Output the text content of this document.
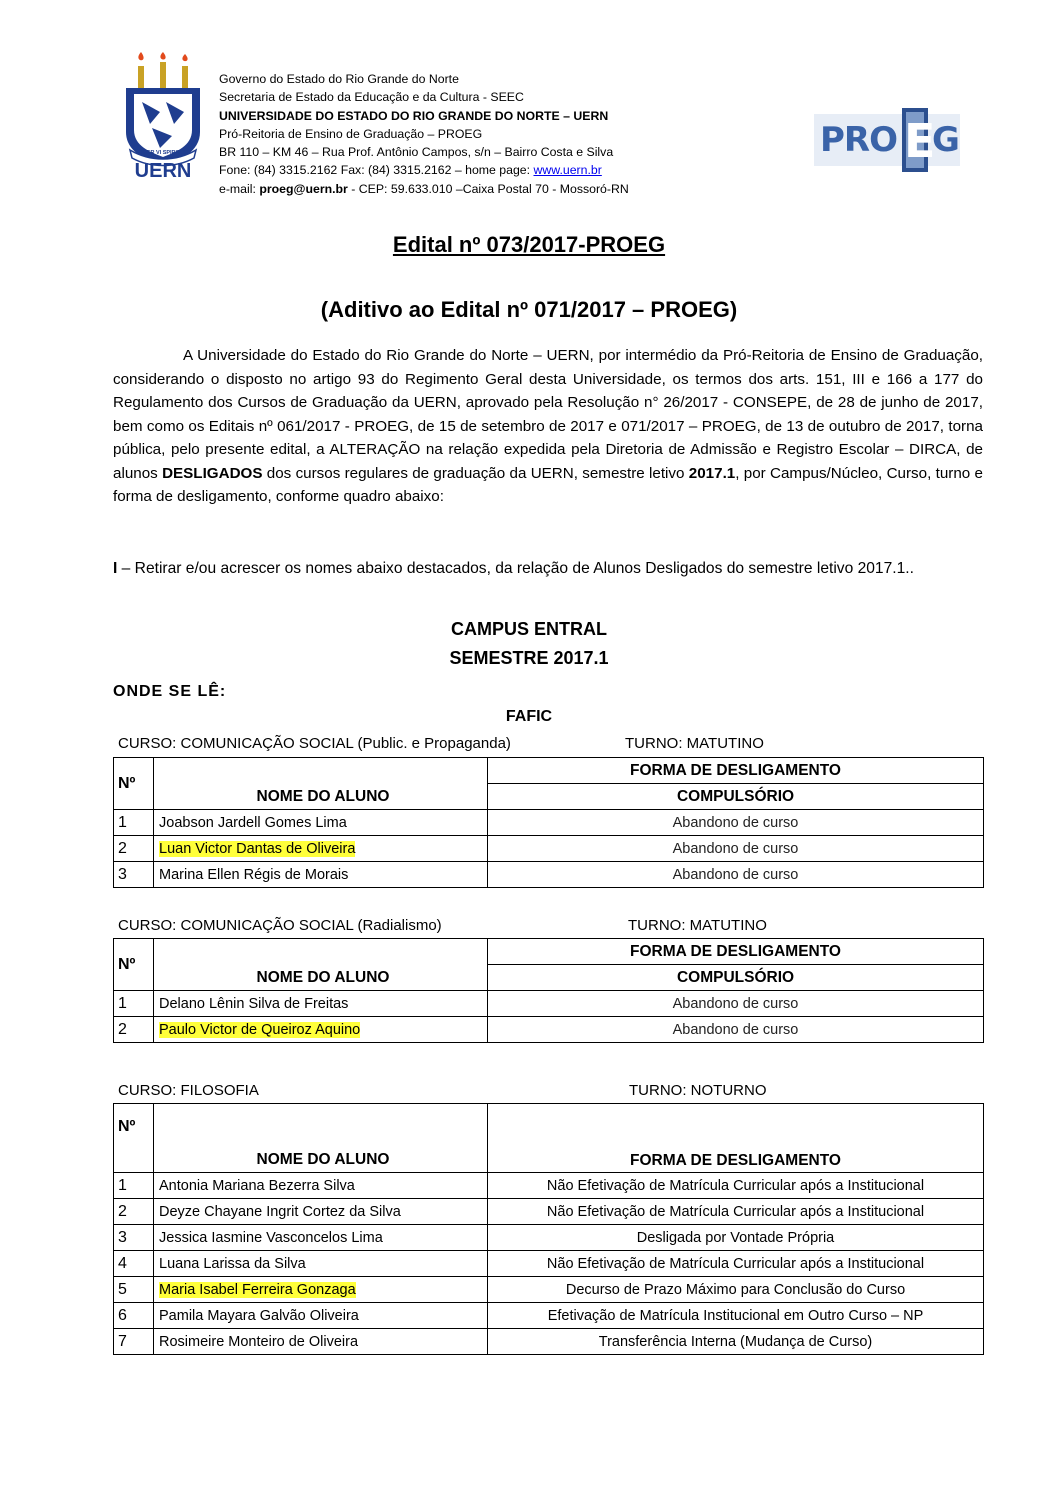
LIBER VI SPIRITUS
UERN
Governo do Estado do Rio Grande do Norte
Secretaria de Estado da Educação e da Cultura - SEEC
UNIVERSIDADE DO ESTADO DO RIO GRANDE DO NORTE – UERN
Pró-Reitoria de Ensino de Graduação – PROEG
BR 110 – KM 46 – Rua Prof. Antônio Campos, s/n – Bairro Costa e Silva
Fone: (84) 3315.2162 Fax: (84) 3315.2162 – home page: www.uern.br
e-mail: proeg@uern.br - CEP: 59.633.010 –Caixa Postal 70 - Mossoró-RN
PRO E
G
Edital nº 073/2017-PROEG
(Aditivo ao Edital nº 071/2017 – PROEG)
A Universidade do Estado do Rio Grande do Norte – UERN, por intermédio da Pró-Reitoria de Ensino de Graduação, considerando o disposto no artigo 93 do Regimento Geral desta Universidade, os termos dos arts. 151, III e 166 a 177 do Regulamento dos Cursos de Graduação da UERN, aprovado pela Resolução n° 26/2017 - CONSEPE, de 28 de junho de 2017, bem como os Editais nº 061/2017 - PROEG, de 15 de setembro de 2017 e 071/2017 – PROEG, de 13 de outubro de 2017, torna pública, pelo presente edital, a ALTERAÇÃO na relação expedida pela Diretoria de Admissão e Registro Escolar – DIRCA, de alunos DESLIGADOS dos cursos regulares de graduação da UERN, semestre letivo 2017.1, por Campus/Núcleo, Curso, turno e forma de desligamento, conforme quadro abaixo:
I – Retirar e/ou acrescer os nomes abaixo destacados, da relação de Alunos Desligados do semestre letivo 2017.1..
CAMPUS ENTRAL
SEMESTRE 2017.1
ONDE SE LÊ:
FAFIC
CURSO: COMUNICAÇÃO SOCIAL (Public. e Propaganda)	TURNO: MATUTINO
Nº	NOME DO ALUNO	FORMA DE DESLIGAMENTO
		COMPULSÓRIO
1	Joabson Jardell Gomes Lima	Abandono de curso
2	Luan Victor Dantas de Oliveira	Abandono de curso
3	Marina Ellen Régis de Morais	Abandono de curso
CURSO: COMUNICAÇÃO SOCIAL (Radialismo)	TURNO: MATUTINO
Nº	NOME DO ALUNO	FORMA DE DESLIGAMENTO
		COMPULSÓRIO
1	Delano Lênin Silva de Freitas	Abandono de curso
2	Paulo Victor de Queiroz Aquino	Abandono de curso
CURSO: FILOSOFIA	TURNO: NOTURNO
Nº	NOME DO ALUNO	FORMA DE DESLIGAMENTO
1	Antonia Mariana Bezerra Silva	Não Efetivação de Matrícula Curricular após a Institucional
2	Deyze Chayane Ingrit Cortez da Silva	Não Efetivação de Matrícula Curricular após a Institucional
3	Jessica Iasmine Vasconcelos Lima	Desligada por Vontade Própria
4	Luana Larissa da Silva	Não Efetivação de Matrícula Curricular após a Institucional
5	Maria Isabel Ferreira Gonzaga	Decurso de Prazo Máximo para Conclusão do Curso
6	Pamila Mayara Galvão Oliveira	Efetivação de Matrícula Institucional em Outro Curso – NP
7	Rosimeire Monteiro de Oliveira	Transferência Interna (Mudança de Curso)
